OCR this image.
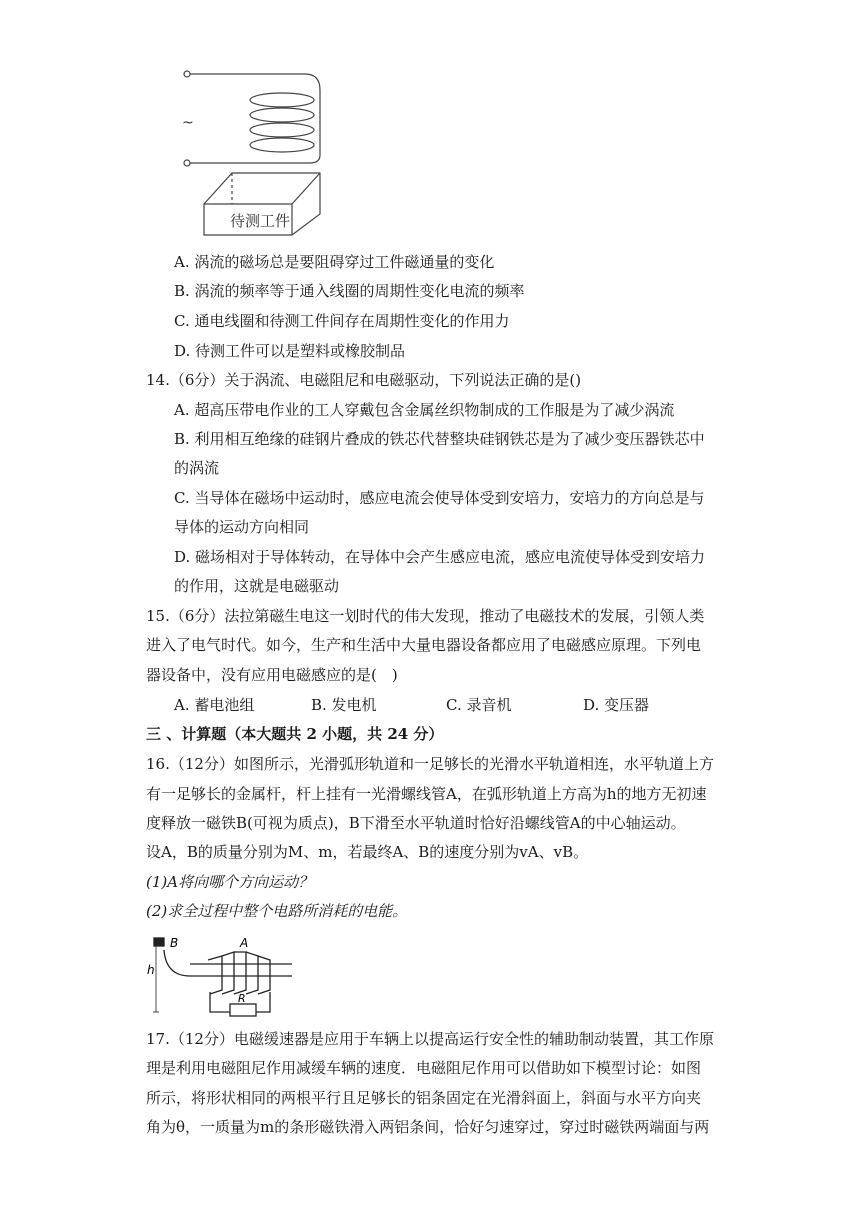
~
待测工件
A. 涡流的磁场总是要阻碍穿过工件磁通量的变化
B. 涡流的频率等于通入线圈的周期性变化电流的频率
C. 通电线圈和待测工件间存在周期性变化的作用力
D. 待测工件可以是塑料或橡胶制品
14.（6分）关于涡流、电磁阻尼和电磁驱动，下列说法正确的是()
A. 超高压带电作业的工人穿戴包含金属丝织物制成的工作服是为了减少涡流
B. 利用相互绝缘的硅钢片叠成的铁芯代替整块硅钢铁芯是为了减少变压器铁芯中
的涡流
C. 当导体在磁场中运动时，感应电流会使导体受到安培力，安培力的方向总是与
导体的运动方向相同
D. 磁场相对于导体转动，在导体中会产生感应电流，感应电流使导体受到安培力
的作用，这就是电磁驱动
15.（6分）法拉第磁生电这一划时代的伟大发现，推动了电磁技术的发展，引领人类
进入了电气时代。如今，生产和生活中大量电器设备都应用了电磁感应原理。下列电
器设备中，没有应用电磁感应的是(　)
A. 蓄电池组	B. 发电机	C. 录音机	D. 变压器
三 、计算题（本大题共 2 小题，共 24 分）
16.（12分）如图所示，光滑弧形轨道和一足够长的光滑水平轨道相连，水平轨道上方
有一足够长的金属杆，杆上挂有一光滑螺线管A，在弧形轨道上方高为h的地方无初速
度释放一磁铁B(可视为质点)，B下滑至水平轨道时恰好沿螺线管A的中心轴运动。
设A，B的质量分别为M、m，若最终A、B的速度分别为vA、vB。
(1)A将向哪个方向运动？
(2)求全过程中整个电路所消耗的电能。
B	A
h
R
17.（12分）电磁缓速器是应用于车辆上以提高运行安全性的辅助制动装置，其工作原
理是利用电磁阻尼作用减缓车辆的速度．电磁阻尼作用可以借助如下模型讨论：如图
所示，将形状相同的两根平行且足够长的铝条固定在光滑斜面上，斜面与水平方向夹
角为θ，一质量为m的条形磁铁滑入两铝条间，恰好匀速穿过，穿过时磁铁两端面与两
